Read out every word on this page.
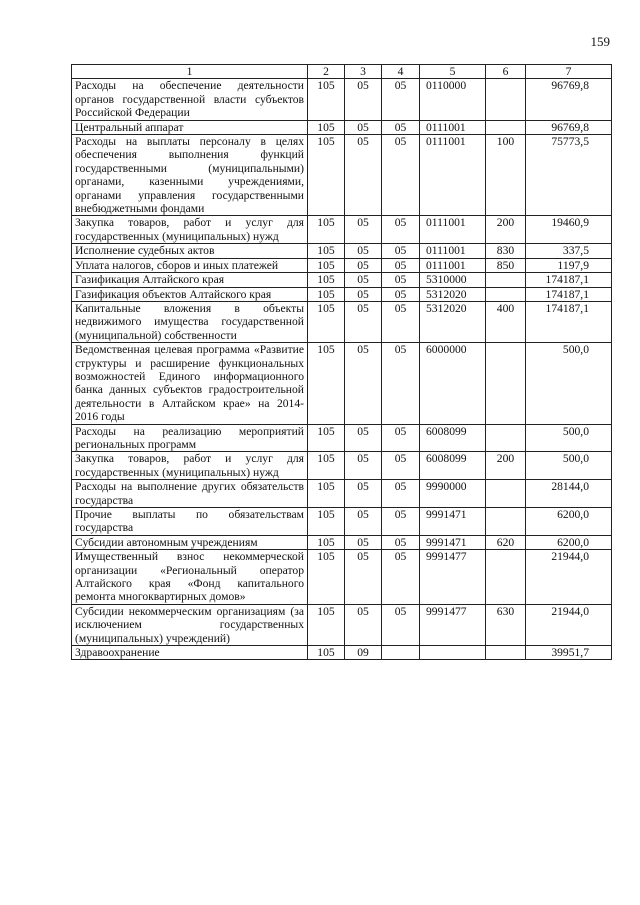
159
1	2	3	4	5	6	7
Расходы на обеспечение деятельности органов государственной власти субъектов Российской Федерации	105	05	05	0110000		96769,8
Центральный аппарат	105	05	05	0111001		96769,8
Расходы на выплаты персоналу в целях обеспечения выполнения функций государственными (муниципальными) органами, казенными учреждениями, органами управления государственными внебюджетными фондами	105	05	05	0111001	100	75773,5
Закупка товаров, работ и услуг для государственных (муниципальных) нужд	105	05	05	0111001	200	19460,9
Исполнение судебных актов	105	05	05	0111001	830	337,5
Уплата налогов, сборов и иных платежей	105	05	05	0111001	850	1197,9
Газификация Алтайского края	105	05	05	5310000		174187,1
Газификация объектов Алтайского края	105	05	05	5312020		174187,1
Капитальные вложения в объекты недвижимого имущества государственной (муниципальной) собственности	105	05	05	5312020	400	174187,1
Ведомственная целевая программа «Развитие структуры и расширение функциональных возможностей Единого информационного банка данных субъектов градостроительной деятельности в Алтайском крае» на 2014-2016 годы	105	05	05	6000000		500,0
Расходы на реализацию мероприятий региональных программ	105	05	05	6008099		500,0
Закупка товаров, работ и услуг для государственных (муниципальных) нужд	105	05	05	6008099	200	500,0
Расходы на выполнение других обязательств государства	105	05	05	9990000		28144,0
Прочие выплаты по обязательствам государства	105	05	05	9991471		6200,0
Субсидии автономным учреждениям	105	05	05	9991471	620	6200,0
Имущественный взнос некоммерческой организации «Региональный оператор Алтайского края «Фонд капитального ремонта многоквартирных домов»	105	05	05	9991477		21944,0
Субсидии некоммерческим организациям (за исключением государственных (муниципальных) учреждений)	105	05	05	9991477	630	21944,0
Здравоохранение	105	09				39951,7
